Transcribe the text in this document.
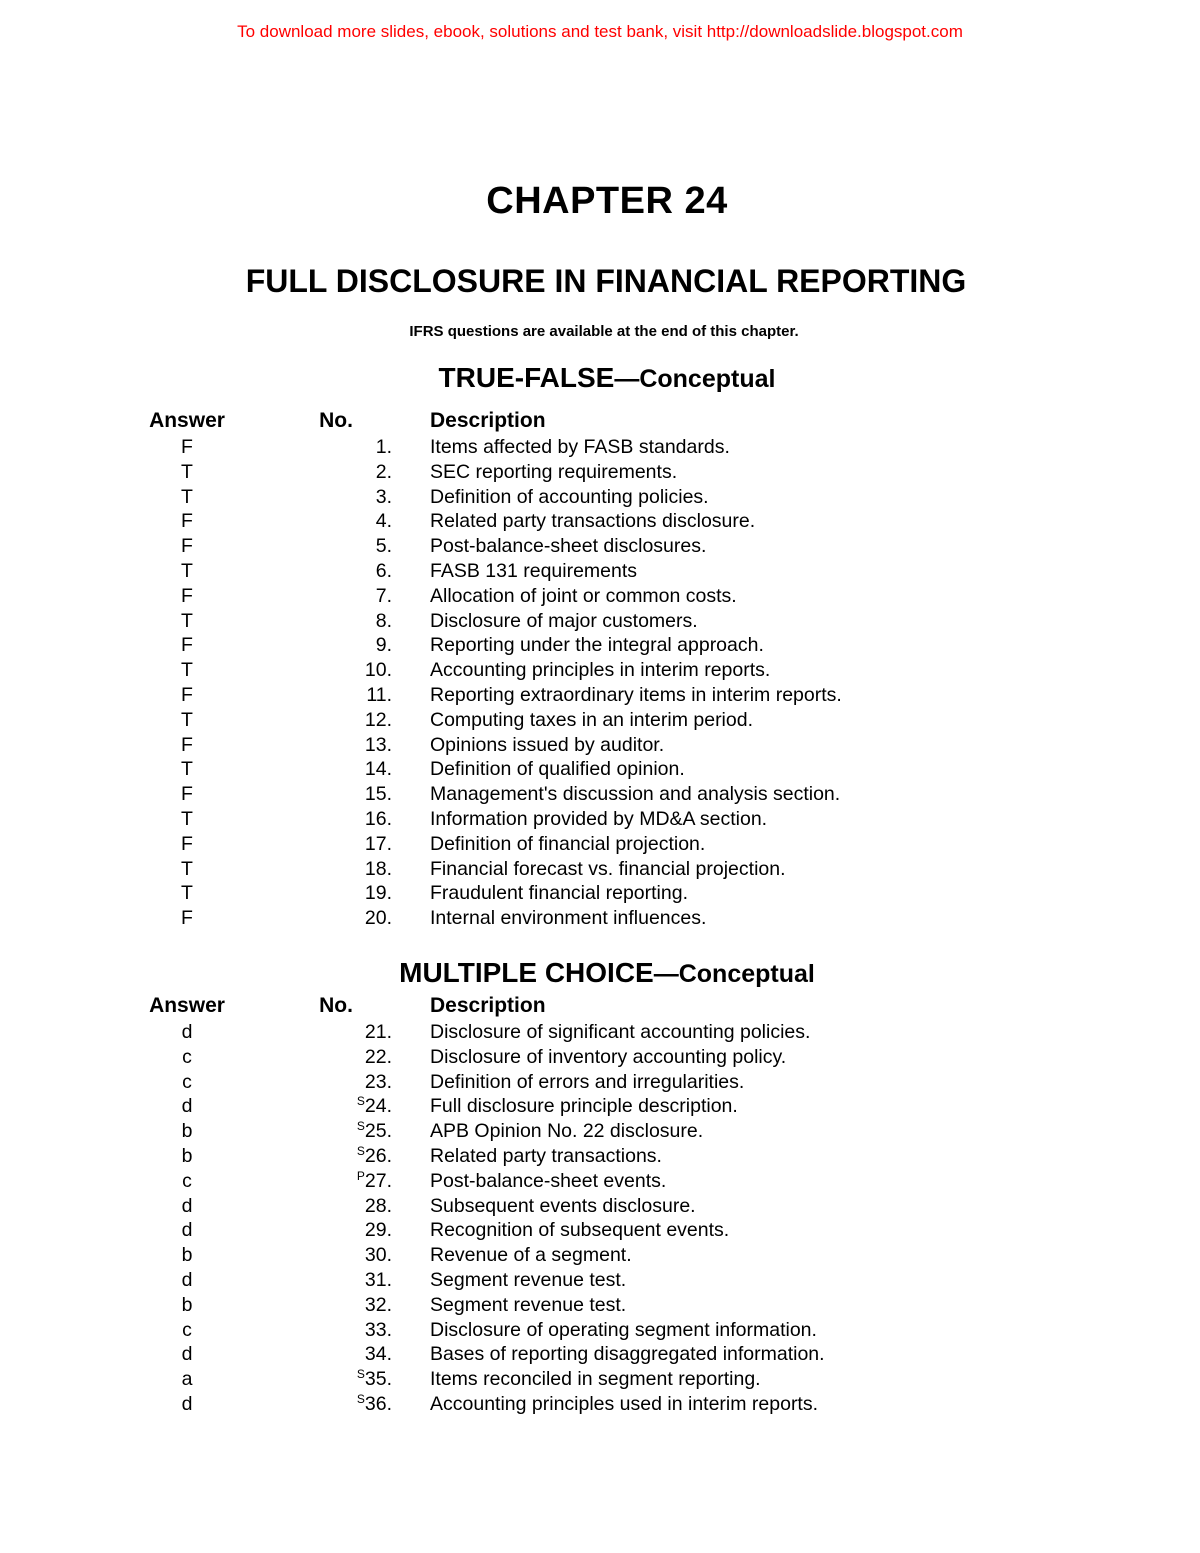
To download more slides, ebook, solutions and test bank, visit http://downloadslide.blogspot.com
CHAPTER 24
FULL DISCLOSURE IN FINANCIAL REPORTING
IFRS questions are available at the end of this chapter.
TRUE-FALSE—Conceptual
Answer	No.	Description
F	1.	Items affected by FASB standards.
T	2.	SEC reporting requirements.
T	3.	Definition of accounting policies.
F	4.	Related party transactions disclosure.
F	5.	Post-balance-sheet disclosures.
T	6.	FASB 131 requirements
F	7.	Allocation of joint or common costs.
T	8.	Disclosure of major customers.
F	9.	Reporting under the integral approach.
T	10.	Accounting principles in interim reports.
F	11.	Reporting extraordinary items in interim reports.
T	12.	Computing taxes in an interim period.
F	13.	Opinions issued by auditor.
T	14.	Definition of qualified opinion.
F	15.	Management's discussion and analysis section.
T	16.	Information provided by MD&A section.
F	17.	Definition of financial projection.
T	18.	Financial forecast vs. financial projection.
T	19.	Fraudulent financial reporting.
F	20.	Internal environment influences.
MULTIPLE CHOICE—Conceptual
Answer	No.	Description
d	21.	Disclosure of significant accounting policies.
c	22.	Disclosure of inventory accounting policy.
c	23.	Definition of errors and irregularities.
d	$^S$24.	Full disclosure principle description.
b	$^S$25.	APB Opinion No. 22 disclosure.
b	$^S$26.	Related party transactions.
c	$^P$27.	Post-balance-sheet events.
d	28.	Subsequent events disclosure.
d	29.	Recognition of subsequent events.
b	30.	Revenue of a segment.
d	31.	Segment revenue test.
b	32.	Segment revenue test.
c	33.	Disclosure of operating segment information.
d	34.	Bases of reporting disaggregated information.
a	$^S$35.	Items reconciled in segment reporting.
d	$^S$36.	Accounting principles used in interim reports.
